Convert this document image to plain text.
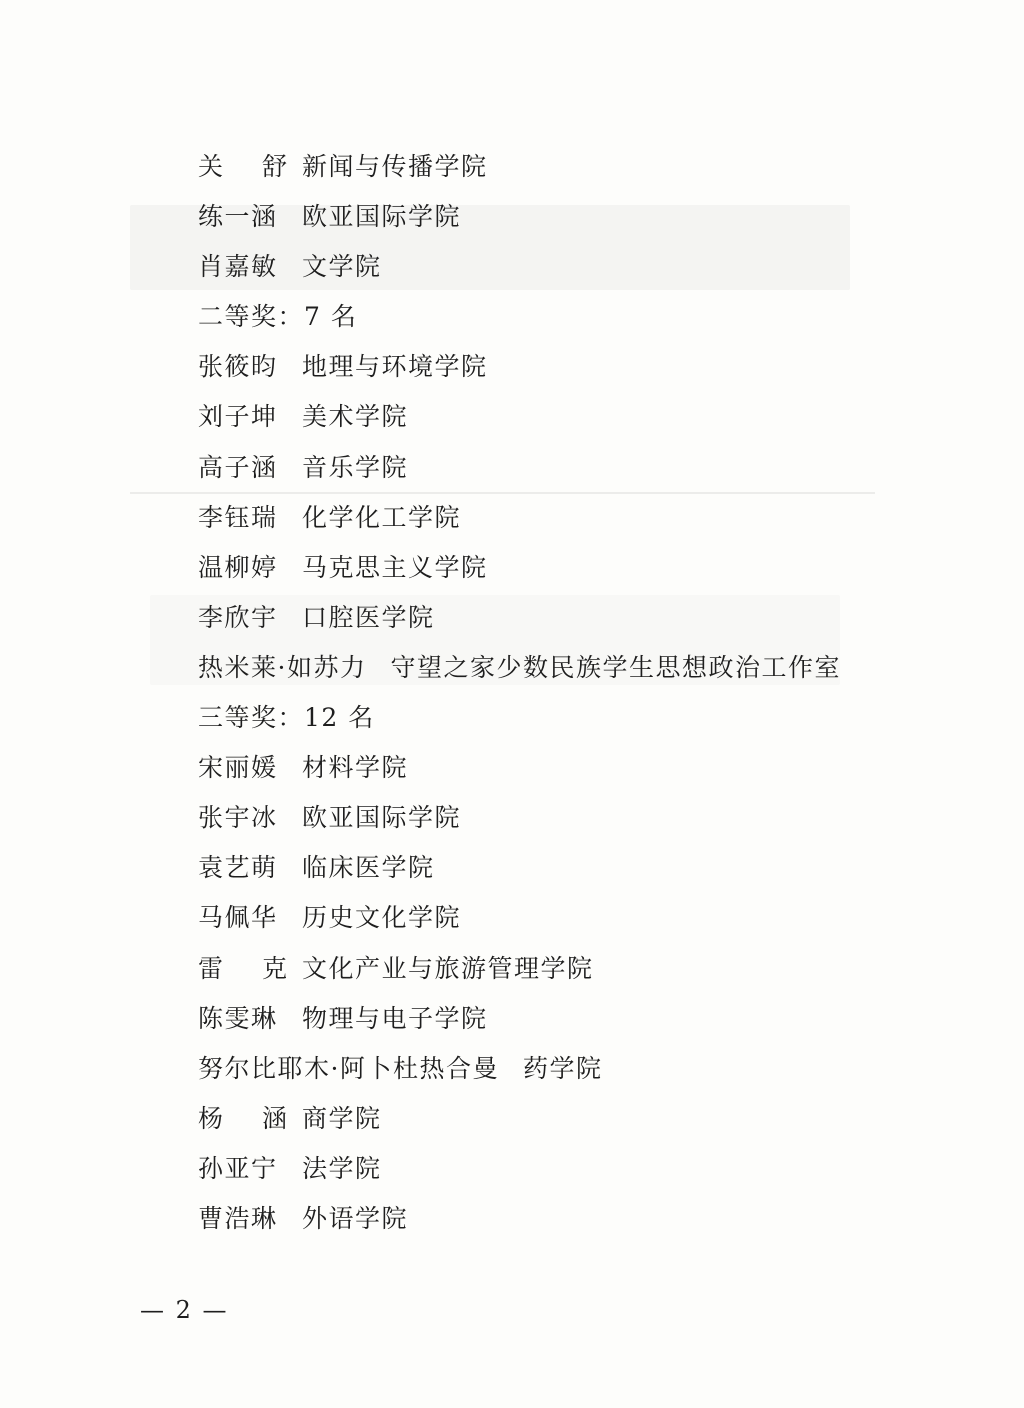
关 舒 新闻与传播学院
练一涵 欧亚国际学院
肖嘉敏 文学院
二等奖：7 名
张筱昀 地理与环境学院
刘子坤 美术学院
高子涵 音乐学院
李钰瑞 化学化工学院
温柳婷 马克思主义学院
李欣宇 口腔医学院
热米莱·如苏力 守望之家少数民族学生思想政治工作室
三等奖：12 名
宋丽媛 材料学院
张宇冰 欧亚国际学院
袁艺萌 临床医学院
马佩华 历史文化学院
雷 克 文化产业与旅游管理学院
陈雯琳 物理与电子学院
努尔比耶木·阿卜杜热合曼 药学院
杨 涵 商学院
孙亚宁 法学院
曹浩琳 外语学院
— 2 —
